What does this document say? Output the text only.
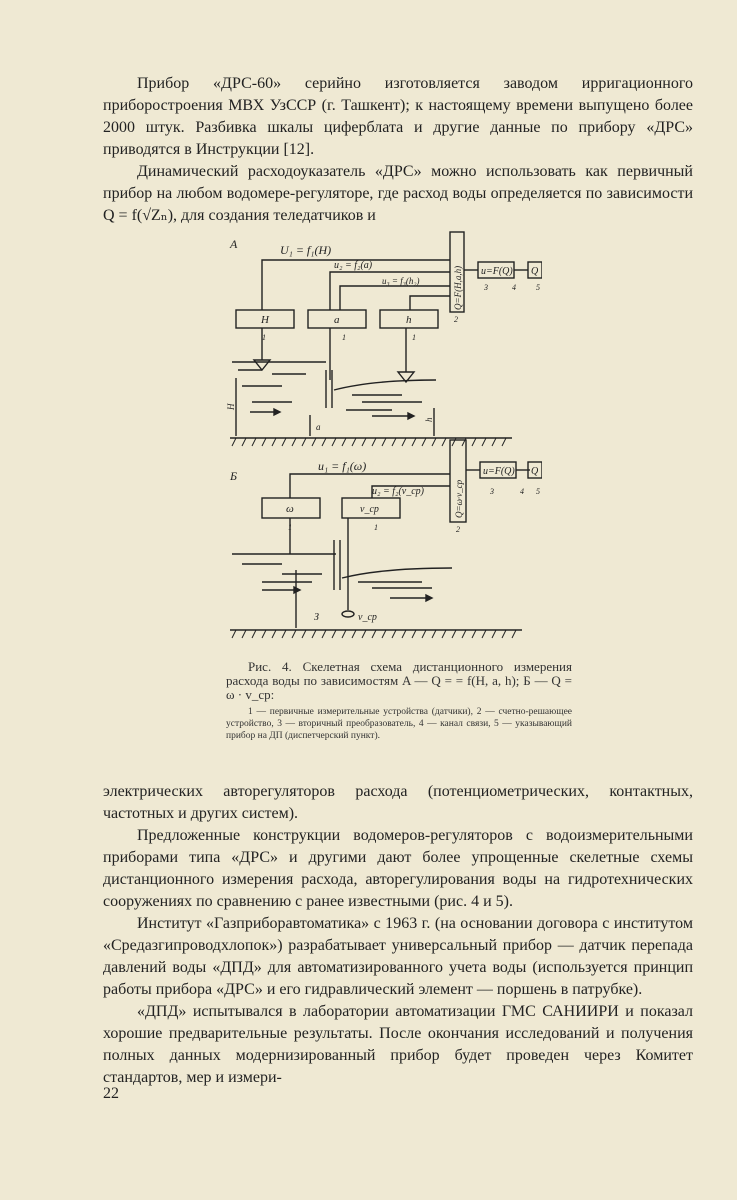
Прибор «ДРС-60» серийно изготовляется заводом ирригационного приборостроения МВХ УзССР (г. Ташкент); к настоящему времени выпущено более 2000 штук. Разбивка шкалы циферблата и другие данные по прибору «ДРС» приводятся в Инструкции [12].

Динамический расходоуказатель «ДРС» можно использовать как первичный прибор на любом водомере-регуляторе, где расход воды определяется по зависимости Q = f(√Zₙ), для создания теледатчиков и

А	U₁ = f₁(H)
u₂ = f₂(a)
u₃ = f₃(h₂)
H	a	h
Q=F(H,a,h) u=F(Q) Q
1	1	1
2
3	4	5
H
a
h
Б
u₁ = f₁(ω)
u₂ = f₂(v_cp)
ω	v_cp	Q=ω·v_cp
u=F(Q) Q
1	1	2
3	4 5
З	v_cp

Рис. 4. Скелетная схема дистанционного измерения расхода воды по зависимостям A — Q = = f(H, a, h); Б — Q = ω · v_ср:

1 — первичные измерительные устройства (датчики), 2 — счетно-решающее устройство, 3 — вторичный преобразователь, 4 — канал связи, 5 — указывающий прибор на ДП (диспетчерский пункт).

электрических авторегуляторов расхода (потенциометрических, контактных, частотных и других систем).

Предложенные конструкции водомеров-регуляторов с водоизмерительными приборами типа «ДРС» и другими дают более упрощенные скелетные схемы дистанционного измерения расхода, авторегулирования воды на гидротехнических сооружениях по сравнению с ранее известными (рис. 4 и 5).

Институт «Газприборавтоматика» с 1963 г. (на основании договора с институтом «Средазгипроводхлопок») разрабатывает универсальный прибор — датчик перепада давлений воды «ДПД» для автоматизированного учета воды (используется принцип работы прибора «ДРС» и его гидравлический элемент — поршень в патрубке).

«ДПД» испытывался в лаборатории автоматизации ГМС САНИИРИ и показал хорошие предварительные результаты. После окончания исследований и получения полных данных модернизированный прибор будет проведен через Комитет стандартов, мер и измери-

22
